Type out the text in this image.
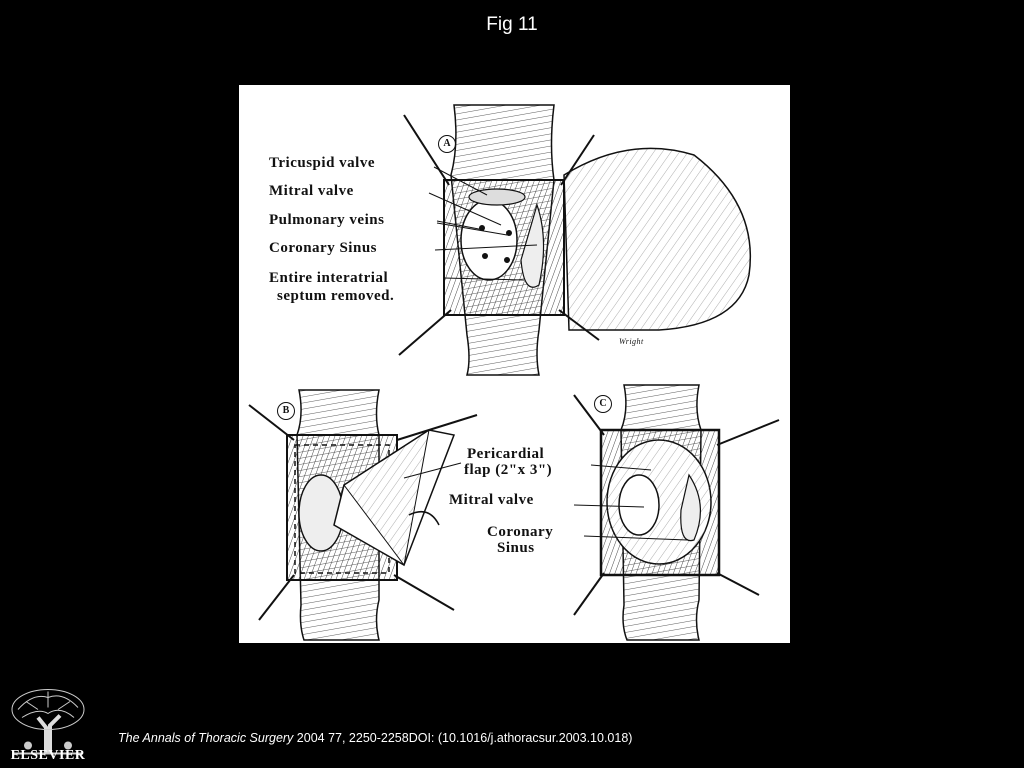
Fig 11
A
B
C
Tricuspid valve
Mitral valve
Pulmonary veins
Coronary Sinus
Entire interatrial
septum removed.
Wright
Pericardial
flap (2"x 3")
Mitral valve
Coronary
Sinus
ELSEVIER
The Annals of Thoracic Surgery 2004 77, 2250-2258DOI: (10.1016/j.athoracsur.2003.10.018)
